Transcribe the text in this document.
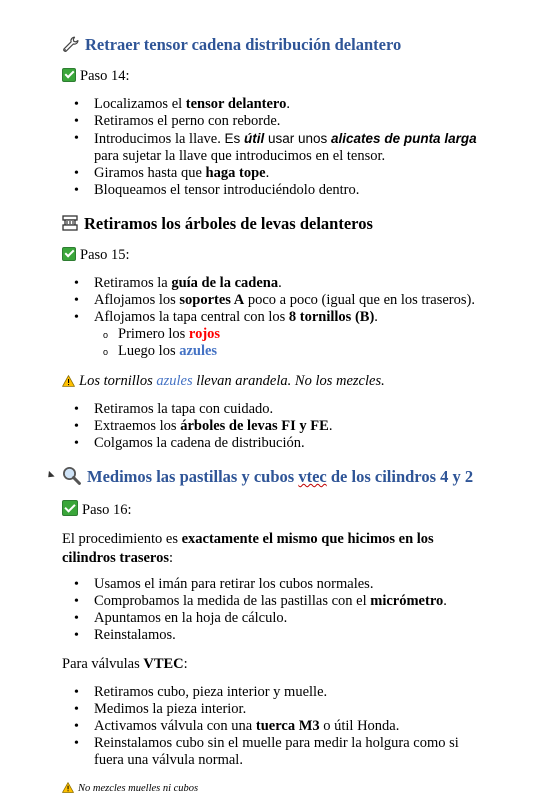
Retraer tensor cadena distribución delantero
Paso 14:
• Localizamos el tensor delantero.
• Retiramos el perno con reborde.
• Introducimos la llave. Es útil usar unos alicates de punta larga
para sujetar la llave que introducimos en el tensor.
• Giramos hasta que haga tope.
• Bloqueamos el tensor introduciéndolo dentro.
Retiramos los árboles de levas delanteros
Paso 15:
• Retiramos la guía de la cadena.
• Aflojamos los soportes A poco a poco (igual que en los traseros).
• Aflojamos la tapa central con los 8 tornillos (B).
o Primero los rojos
o Luego los azules
Los tornillos azules llevan arandela. No los mezcles.
• Retiramos la tapa con cuidado.
• Extraemos los árboles de levas FI y FE.
• Colgamos la cadena de distribución.
Medimos las pastillas y cubos vtec de los cilindros 4 y 2
Paso 16:
El procedimiento es exactamente el mismo que hicimos en los cilindros traseros:
• Usamos el imán para retirar los cubos normales.
• Comprobamos la medida de las pastillas con el micrómetro.
• Apuntamos en la hoja de cálculo.
• Reinstalamos.
Para válvulas VTEC:
• Retiramos cubo, pieza interior y muelle.
• Medimos la pieza interior.
• Activamos válvula con una tuerca M3 o útil Honda.
• Reinstalamos cubo sin el muelle para medir la holgura como si fuera una válvula normal.
No mezcles muelles ni cubos
